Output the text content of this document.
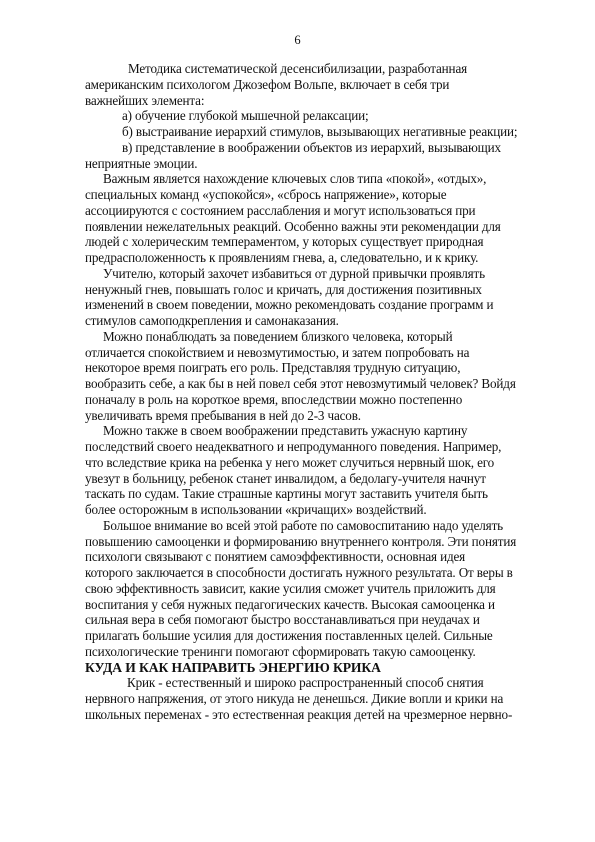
6
Методика систематической десенсибилизации, разработанная
американским психологом Джозефом Вольпе, включает в себя три
важнейших элемента:
а) обучение глубокой мышечной релаксации;
б) выстраивание иерархий стимулов, вызывающих негативные реакции;
в) представление в воображении объектов из иерархий, вызывающих
неприятные эмоции.
Важным является нахождение ключевых слов типа «покой», «отдых»,
специальных команд «успокойся», «сбрось напряжение», которые
ассоциируются с состоянием расслабления и могут использоваться при
появлении нежелательных реакций. Особенно важны эти рекомендации для
людей с холерическим темпераментом, у которых существует природная
предрасположенность к проявлениям гнева, а, следовательно, и к крику.
Учителю, который захочет избавиться от дурной привычки проявлять
ненужный гнев, повышать голос и кричать, для достижения позитивных
изменений в своем поведении, можно рекомендовать создание программ и
стимулов самоподкрепления и самонаказания.
Можно понаблюдать за поведением близкого человека, который
отличается спокойствием и невозмутимостью, и затем попробовать на
некоторое время поиграть его роль. Представляя трудную ситуацию,
вообразить себе, а как бы в ней повел себя этот невозмутимый человек? Войдя
поначалу в роль на короткое время, впоследствии можно постепенно
увеличивать время пребывания в ней до 2-3 часов.
Можно также в своем воображении представить ужасную картину
последствий своего неадекватного и непродуманного поведения. Например,
что вследствие крика на ребенка у него может случиться нервный шок, его
увезут в больницу, ребенок станет инвалидом, а бедолагу-учителя начнут
таскать по судам. Такие страшные картины могут заставить учителя быть
более осторожным в использовании «кричащих» воздействий.
Большое внимание во всей этой работе по самовоспитанию надо уделять
повышению самооценки и формированию внутреннего контроля. Эти понятия
психологи связывают с понятием самоэффективности, основная идея
которого заключается в способности достигать нужного результата. От веры в
свою эффективность зависит, какие усилия сможет учитель приложить для
воспитания у себя нужных педагогических качеств. Высокая самооценка и
сильная вера в себя помогают быстро восстанавливаться при неудачах и
прилагать большие усилия для достижения поставленных целей. Сильные
психологические тренинги помогают сформировать такую самооценку.
КУДА И КАК НАПРАВИТЬ ЭНЕРГИЮ КРИКА
Крик - естественный и широко распространенный способ снятия
нервного напряжения, от этого никуда не денешься. Дикие вопли и крики на
школьных переменах - это естественная реакция детей на чрезмерное нервно-
